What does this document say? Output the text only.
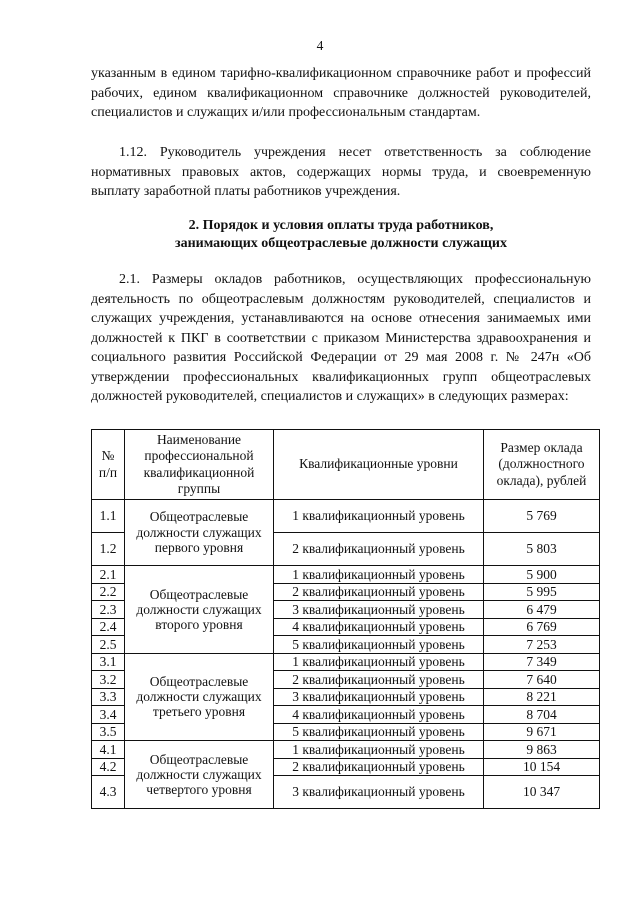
4

указанным в едином тарифно-квалификационном справочнике работ и профессий рабочих, едином квалификационном справочнике должностей руководителей, специалистов и служащих и/или профессиональным стандартам.

1.12. Руководитель учреждения несет ответственность за соблюдение нормативных правовых актов, содержащих нормы труда, и своевременную выплату заработной платы работников учреждения.

2. Порядок и условия оплаты труда работников,
занимающих общеотраслевые должности служащих

2.1. Размеры окладов работников, осуществляющих профессиональную деятельность по общеотраслевым должностям руководителей, специалистов и служащих учреждения, устанавливаются на основе отнесения занимаемых ими должностей к ПКГ в соответствии с приказом Министерства здравоохранения и социального развития Российской Федерации от 29 мая 2008 г. № 247н «Об утверждении профессиональных квалификационных групп общеотраслевых должностей руководителей, специалистов и служащих» в следующих размерах:

№ п/п	Наименование профессиональной квалификационной группы	Квалификационные уровни	Размер оклада (должностного оклада), рублей
1.1	Общеотраслевые должности служащих первого уровня	1 квалификационный уровень	5 769
1.2		2 квалификационный уровень	5 803
2.1	Общеотраслевые должности служащих второго уровня	1 квалификационный уровень	5 900
2.2		2 квалификационный уровень	5 995
2.3		3 квалификационный уровень	6 479
2.4		4 квалификационный уровень	6 769
2.5		5 квалификационный уровень	7 253
3.1	Общеотраслевые должности служащих третьего уровня	1 квалификационный уровень	7 349
3.2		2 квалификационный уровень	7 640
3.3		3 квалификационный уровень	8 221
3.4		4 квалификационный уровень	8 704
3.5		5 квалификационный уровень	9 671
4.1	Общеотраслевые должности служащих четвертого уровня	1 квалификационный уровень	9 863
4.2		2 квалификационный уровень	10 154
4.3		3 квалификационный уровень	10 347
